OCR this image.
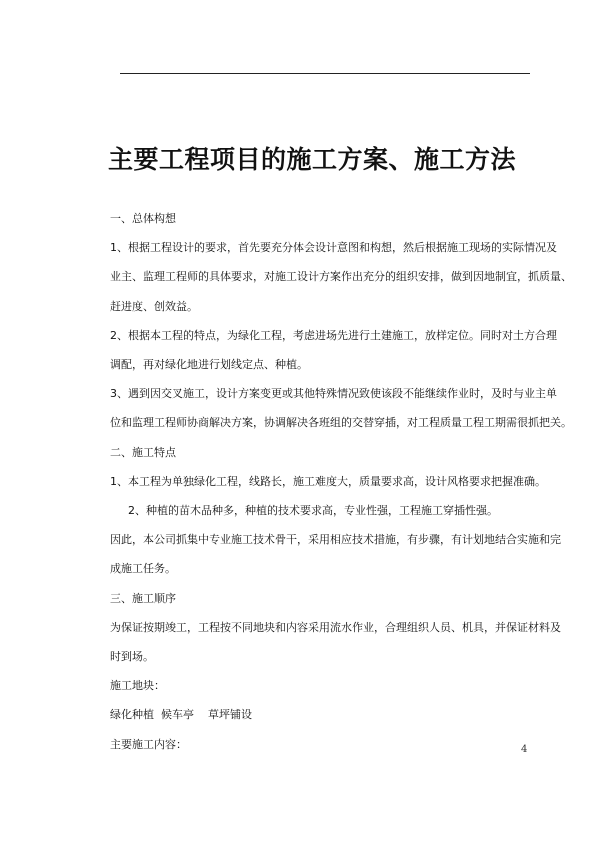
主要工程项目的施工方案、施工方法

一、总体构想

1、根据工程设计的要求，首先要充分体会设计意图和构想，然后根据施工现场的实际情况及

业主、监理工程师的具体要求，对施工设计方案作出充分的组织安排，做到因地制宜，抓质量、

赶进度、创效益。

2、根据本工程的特点，为绿化工程，考虑进场先进行土建施工，放样定位。同时对土方合理

调配，再对绿化地进行划线定点、种植。

3、遇到因交叉施工，设计方案变更或其他特殊情况致使该段不能继续作业时，及时与业主单

位和监理工程师协商解决方案，协调解决各班组的交替穿插，对工程质量工程工期需很抓把关。

二、施工特点

1、本工程为单独绿化工程，线路长，施工难度大，质量要求高，设计风格要求把握准确。

2、种植的苗木品种多，种植的技术要求高，专业性强，工程施工穿插性强。

因此，本公司抓集中专业施工技术骨干，采用相应技术措施，有步骤，有计划地结合实施和完

成施工任务。

三、施工顺序

为保证按期竣工，工程按不同地块和内容采用流水作业，合理组织人员、机具，并保证材料及

时到场。

施工地块：

绿化种植  候车亭    草坪铺设

主要施工内容：	4
